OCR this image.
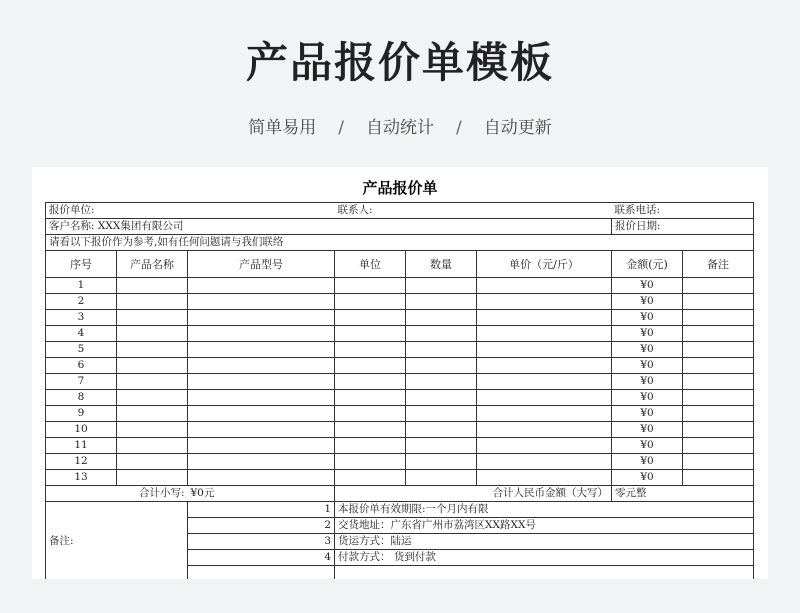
产品报价单模板
简单易用 / 自动统计 / 自动更新
产品报价单
报价单位:			联系人:			联系电话:	
客户名称: XXX集团有限公司						报价日期:	
请看以下报价作为参考,如有任何问题请与我们联络							
序号	产品名称	产品型号	单位	数量	单价（元/斤）	金额(元)	备注
1						¥0	
2						¥0	
3						¥0	
4						¥0	
5						¥0	
6						¥0	
7						¥0	
8						¥0	
9						¥0	
10						¥0	
11						¥0	
12						¥0	
13						¥0	
合计小写:		¥0元	合计人民币金额（大写）			零元整	
备注:		1	本报价单有效期限:一个月内有限				
		2	交货地址：广东省广州市荔湾区XX路XX号				
		3	货运方式：陆运				
		4	付款方式： 货到付款				
